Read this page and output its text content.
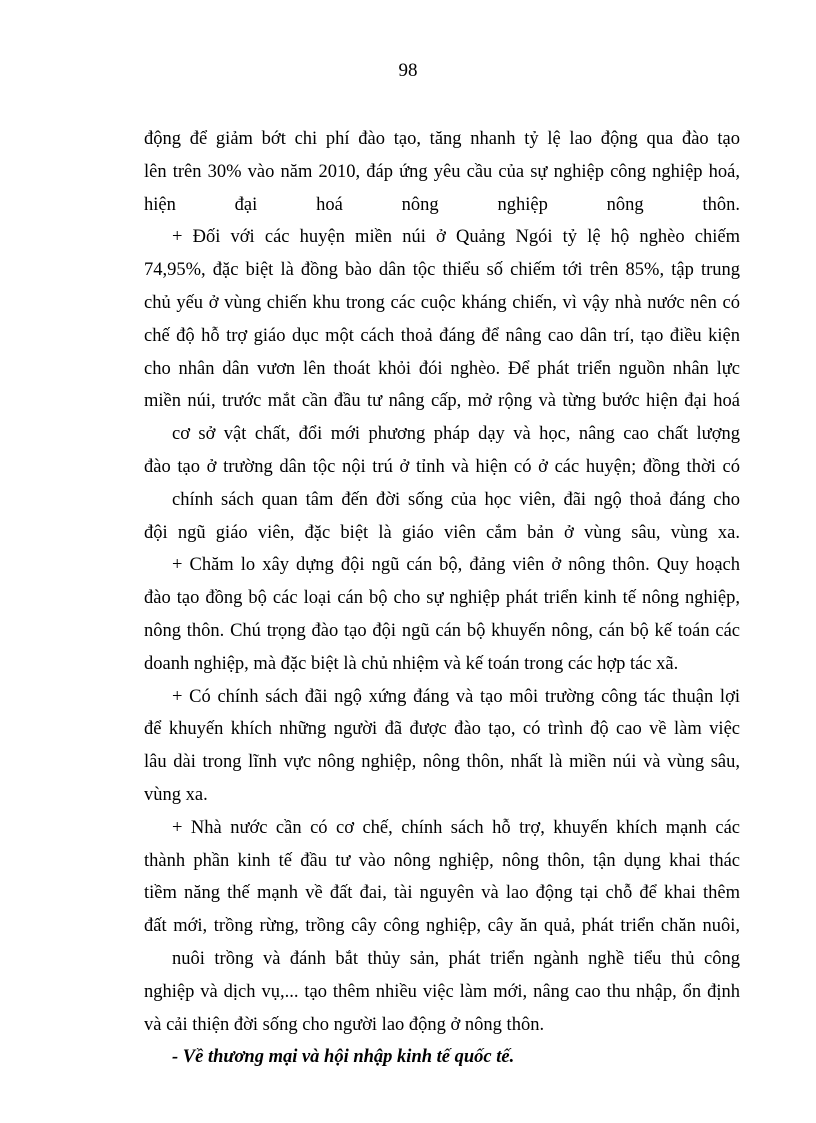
98
động để giảm bớt chi phí đào tạo, tăng nhanh tỷ lệ lao động qua đào tạo
lên trên 30% vào năm 2010, đáp ứng yêu cầu của sự nghiệp công nghiệp hoá,
hiện đại hoá nông nghiệp nông thôn.
+ Đối với các huyện miền núi ở Quảng Ngói tỷ lệ hộ nghèo chiếm
74,95%, đặc biệt là đồng bào dân tộc thiểu số chiếm tới trên 85%, tập trung
chủ yếu ở vùng chiến khu trong các cuộc kháng chiến, vì vậy nhà nước nên có
chế độ hỗ trợ giáo dục một cách thoả đáng để nâng cao dân trí, tạo điều kiện
cho nhân dân vươn lên thoát khỏi đói nghèo. Để phát triển nguồn nhân lực
miền núi, trước mắt cần đầu tư nâng cấp, mở rộng và từng bước hiện đại hoá
cơ sở vật chất, đổi mới phương pháp dạy và học, nâng cao chất lượng
đào tạo ở trường dân tộc nội trú ở tỉnh và hiện có ở các huyện; đồng thời có
chính sách quan tâm đến đời sống của học viên, đãi ngộ thoả đáng cho
đội ngũ giáo viên, đặc biệt là giáo viên cắm bản ở vùng sâu, vùng xa.
+ Chăm lo xây dựng đội ngũ cán bộ, đảng viên ở nông thôn. Quy hoạch
đào tạo đồng bộ các loại cán bộ cho sự nghiệp phát triển kinh tế nông nghiệp,
nông thôn. Chú trọng đào tạo đội ngũ cán bộ khuyến nông, cán bộ kế toán các
doanh nghiệp, mà đặc biệt là chủ nhiệm và kế toán trong các hợp tác xã.
+ Có chính sách đãi ngộ xứng đáng và tạo môi trường công tác thuận lợi
để khuyến khích những người đã được đào tạo, có trình độ cao về làm việc
lâu dài trong lĩnh vực nông nghiệp, nông thôn, nhất là miền núi và vùng sâu,
vùng xa.
+ Nhà nước cần có cơ chế, chính sách hỗ trợ, khuyến khích mạnh các
thành phần kinh tế đầu tư vào nông nghiệp, nông thôn, tận dụng khai thác
tiềm năng thế mạnh về đất đai, tài nguyên và lao động tại chỗ để khai thêm
đất mới, trồng rừng, trồng cây công nghiệp, cây ăn quả, phát triển chăn nuôi,
nuôi trồng và đánh bắt thủy sản, phát triển ngành nghề tiểu thủ công
nghiệp và dịch vụ,... tạo thêm nhiều việc làm mới, nâng cao thu nhập, ổn định
và cải thiện đời sống cho người lao động ở nông thôn.
- Về thương mại và hội nhập kinh tế quốc tế.
